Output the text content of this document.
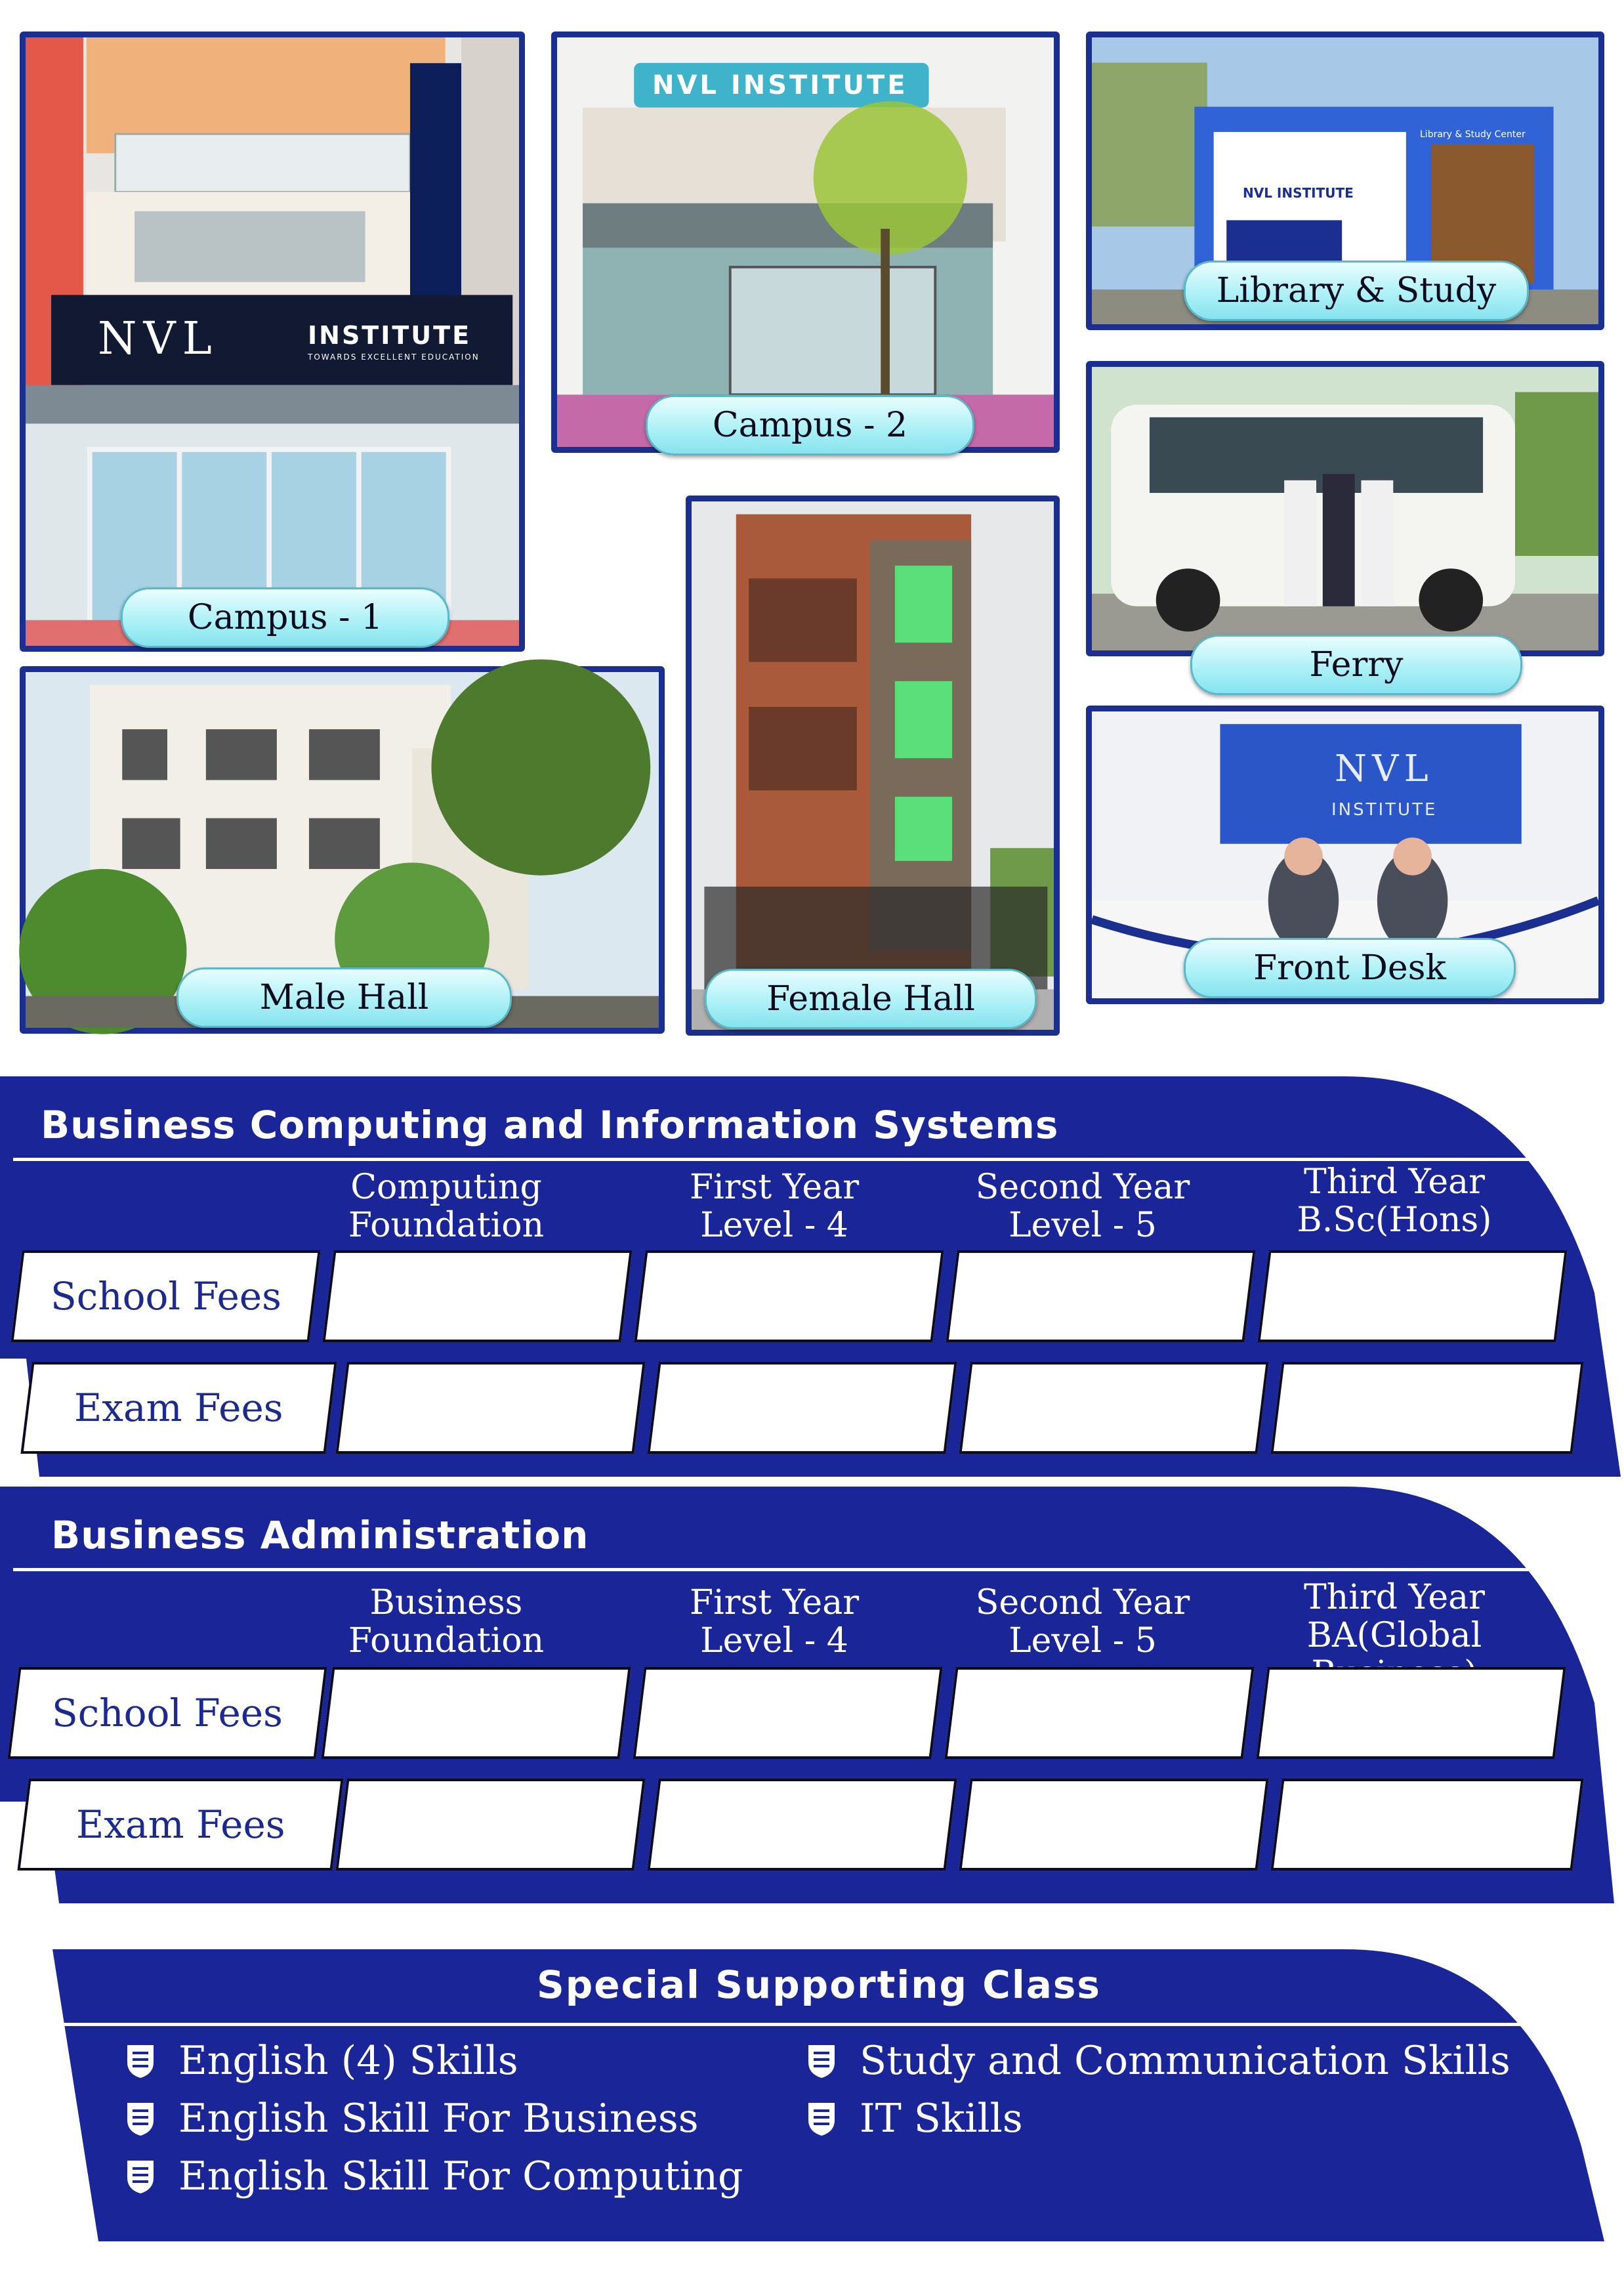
NVL	INSTITUTE
TOWARDS EXCELLENT EDUCATION
Campus - 1
NVL INSTITUTE
Campus - 2
NVL INSTITUTE
Library & Study Center
Library & Study
Ferry
Female Hall
Male Hall
NVL
INSTITUTE
Front Desk
Business Computing and Information Systems
Computing
Foundation
First Year
Level - 4
Second Year
Level - 5
Third Year
B.Sc(Hons)
School Fees
Exam Fees
Business Administration
Business
Foundation
First Year
Level - 4
Second Year
Level - 5
Third Year
BA(Global
School Fees
Exam Fees
Special Supporting Class
English (4) Skills
English Skill For Business
English Skill For Computing
Study and Communication Skills
IT Skills
